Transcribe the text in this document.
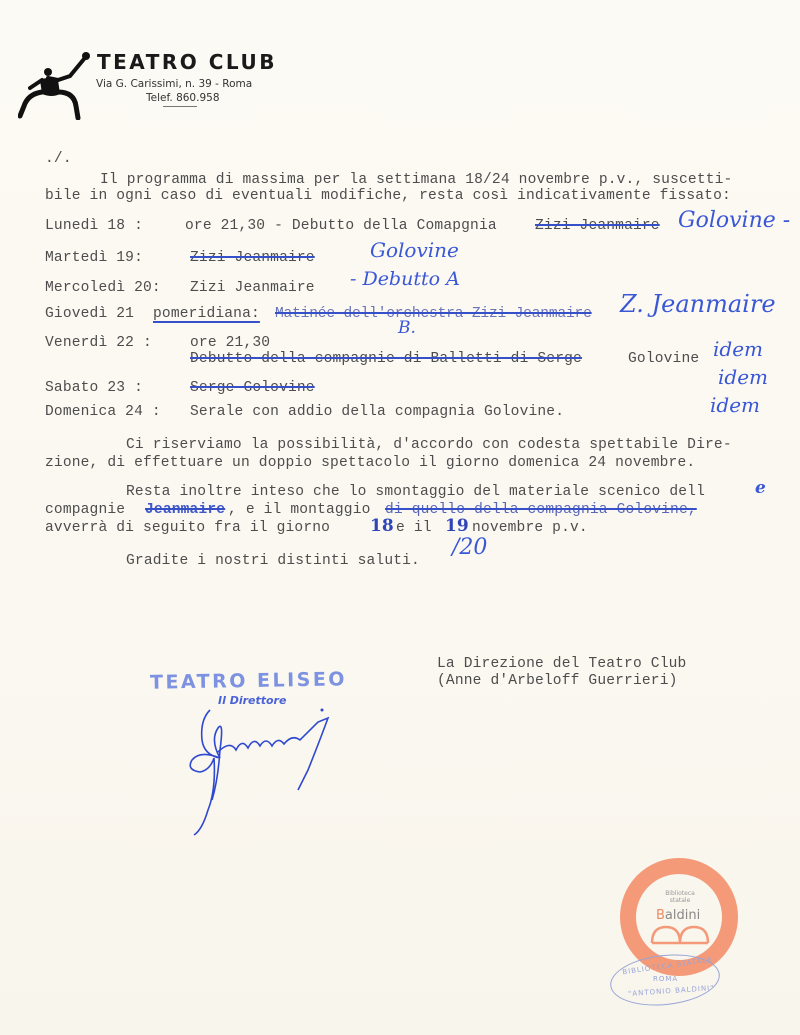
TEATRO CLUB
Via G. Carissimi, n. 39 - Roma
Telef. 860.958
./.
Il programma di massima per la settimana 18/24 novembre p.v., suscetti-
bile in ogni caso di eventuali modifiche, resta così indicativamente fissato:
Lunedì 18 :	ore 21,30 - Debutto della Comapgnia	Zizi Jeanmaire Golovine -
Martedì 19:	Zizi Jeanmaire	Golovine
Mercoledì 20: Zizi Jeanmaire - Debutto A
Giovedì 21 pomeridiana: Matinée dell'orchestra Zizi Jeanmaire Z. Jeanmaire
B.
Venerdì 22 :	ore 21,30
Debutto della compagnie di Balletti di Serge	Golovine idem
Sabato 23 :	Serge Golovine	idem
Domenica 24 : Serale con addio della compagnia Golovine.	idem
Ci riserviamo la possibilità, d'accordo con codesta spettabile Dire-
zione, di effettuare un doppio spettacolo il giorno domenica 24 novembre.
Resta inoltre inteso che lo smontaggio del materiale scenico dell	e
compagnie Jeanmaire , e il montaggio di quello della compagnia Golovine,
avverrà di seguito fra il giorno 18 e il 19 novembre p.v.
/20
Gradite i nostri distinti saluti.
La Direzione del Teatro Club
(Anne d'Arbeloff Guerrieri)
TEATRO ELISEO
Il Direttore
Biblioteca statale
Baldini
BIBLIOTECA STATALE
ROMA
"ANTONIO BALDINI"
